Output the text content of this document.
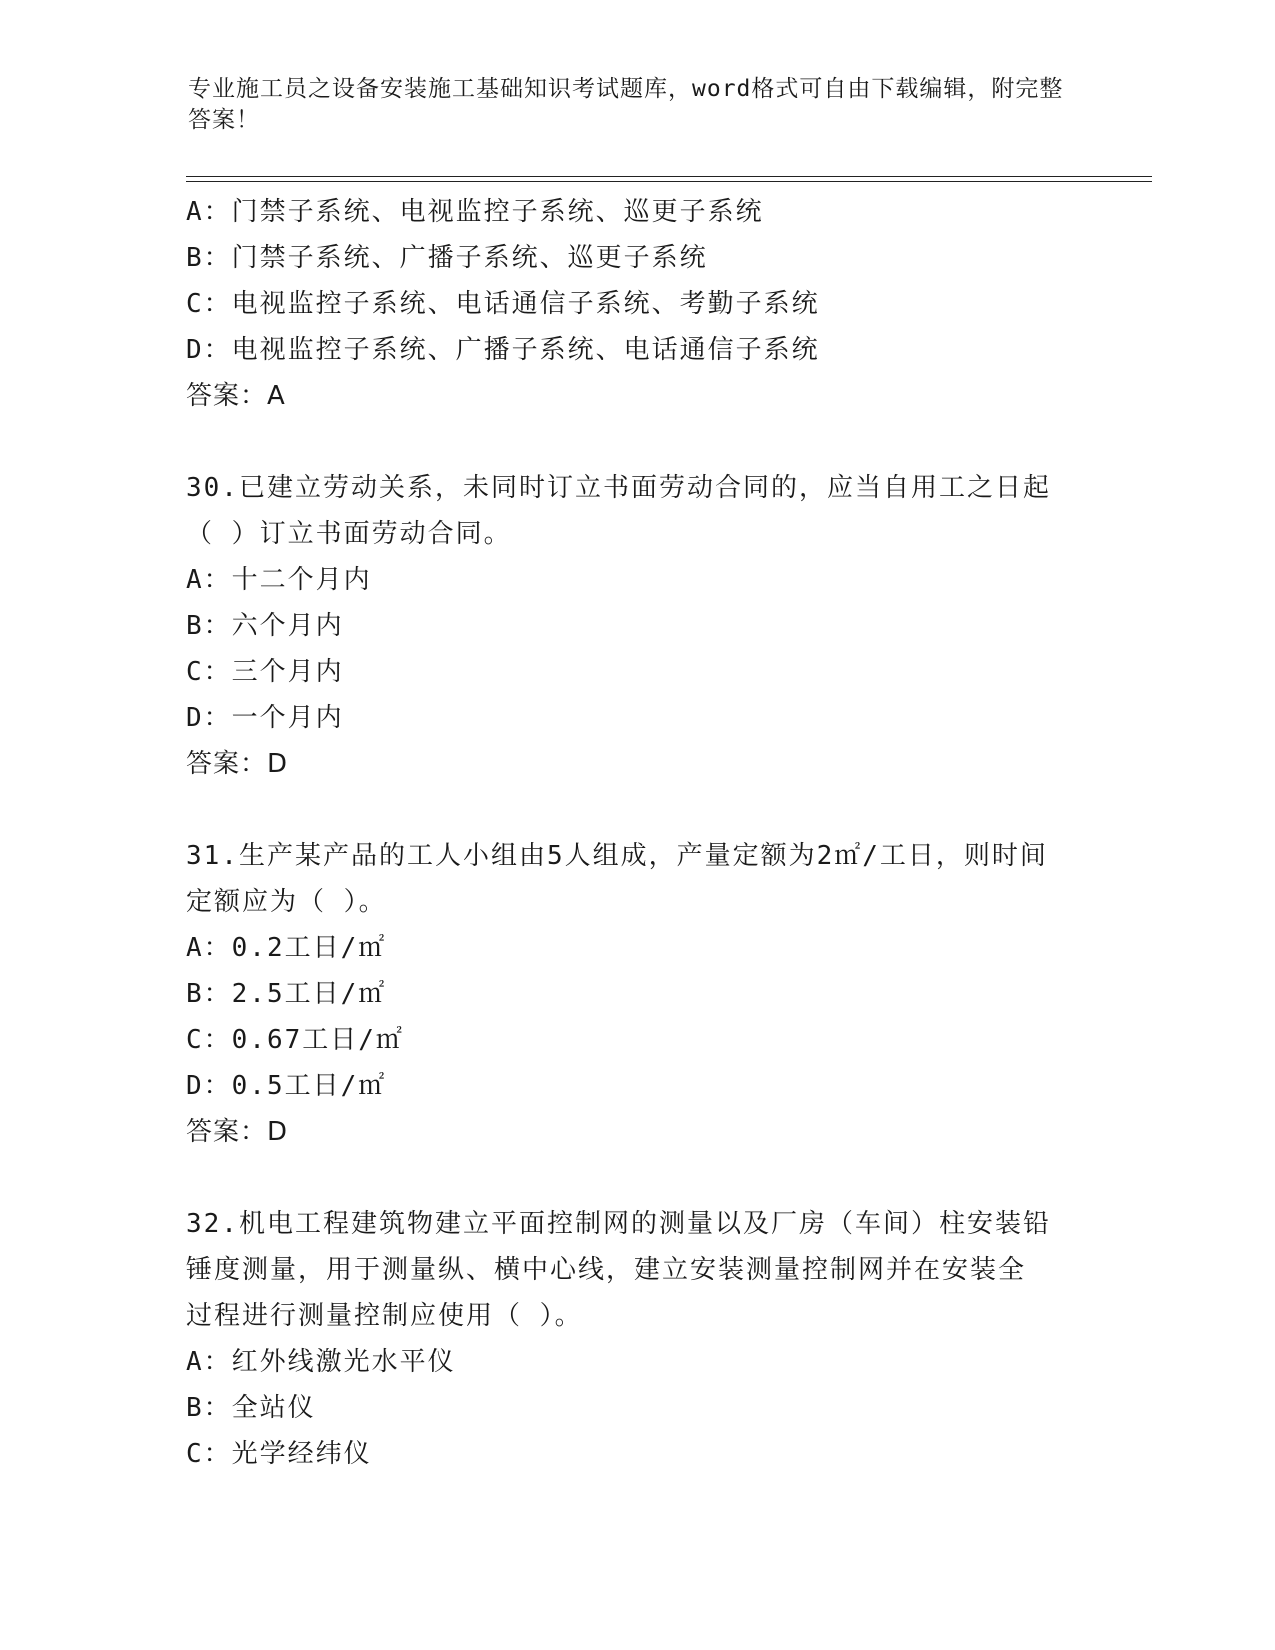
专业施工员之设备安装施工基础知识考试题库，word格式可自由下载编辑，附完整答案！
A：门禁子系统、电视监控子系统、巡更子系统
B：门禁子系统、广播子系统、巡更子系统
C：电视监控子系统、电话通信子系统、考勤子系统
D：电视监控子系统、广播子系统、电话通信子系统
答案：A
30.已建立劳动关系，未同时订立书面劳动合同的，应当自用工之日起
（ ）订立书面劳动合同。
A：十二个月内
B：六个月内
C：三个月内
D：一个月内
答案：D
31.生产某产品的工人小组由5人组成，产量定额为2㎡/工日，则时间
定额应为（ ）。
A：0.2工日/㎡
B：2.5工日/㎡
C：0.67工日/㎡
D：0.5工日/㎡
答案：D
32.机电工程建筑物建立平面控制网的测量以及厂房（车间）柱安装铅
锤度测量，用于测量纵、横中心线，建立安装测量控制网并在安装全
过程进行测量控制应使用（ ）。
A：红外线激光水平仪
B：全站仪
C：光学经纬仪
